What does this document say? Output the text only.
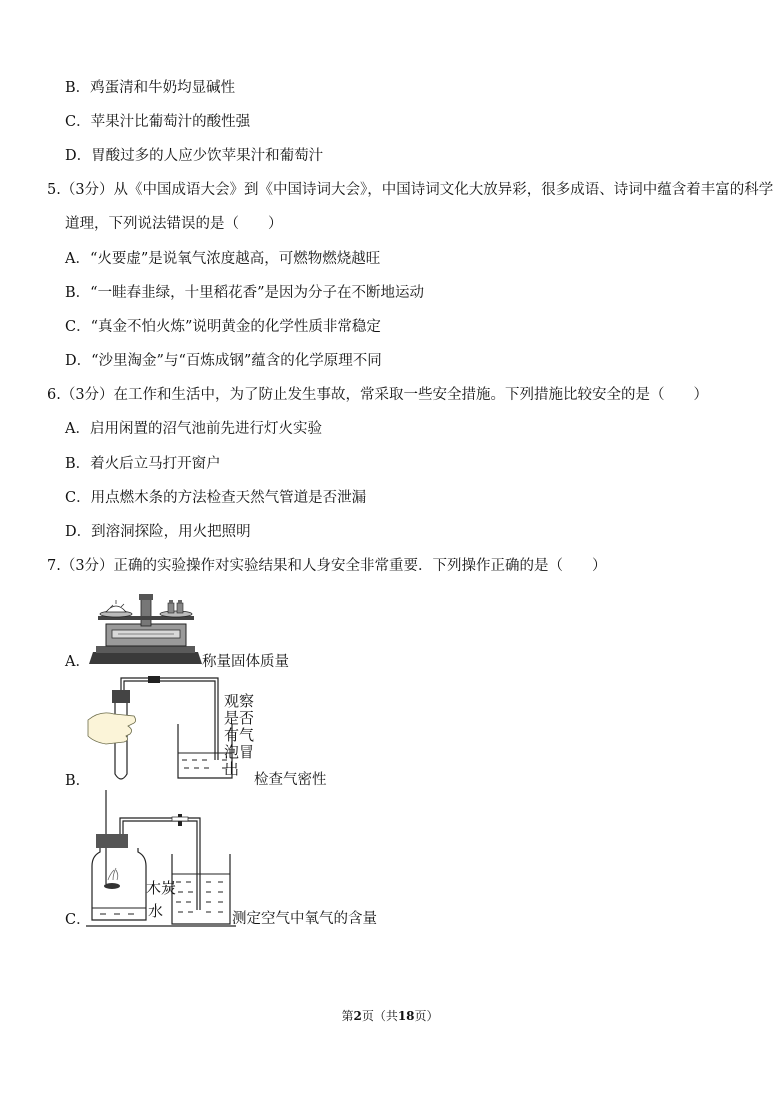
B．鸡蛋清和牛奶均显碱性
C．苹果汁比葡萄汁的酸性强
D．胃酸过多的人应少饮苹果汁和葡萄汁
5.（3分）从《中国成语大会》到《中国诗词大会》，中国诗词文化大放异彩，很多成语、诗词中蕴含着丰富的科学
道理，下列说法错误的是（　　）
A．“火要虚”是说氧气浓度越高，可燃物燃烧越旺
B．“一畦春韭绿，十里稻花香”是因为分子在不断地运动
C．“真金不怕火炼”说明黄金的化学性质非常稳定
D．“沙里淘金”与“百炼成钢”蕴含的化学原理不同
6.（3分）在工作和生活中，为了防止发生事故，常采取一些安全措施。下列措施比较安全的是（　　）
A．启用闲置的沼气池前先进行灯火实验
B．着火后立马打开窗户
C．用点燃木条的方法检查天然气管道是否泄漏
D．到溶洞探险，用火把照明
7.（3分）正确的实验操作对实验结果和人身安全非常重要．下列操作正确的是（　　）
A．	称量固体质量
B．
观察
是否
有气
泡冒
出
检查气密性
C．
木炭
水	测定空气中氧气的含量
第2页（共18页）
